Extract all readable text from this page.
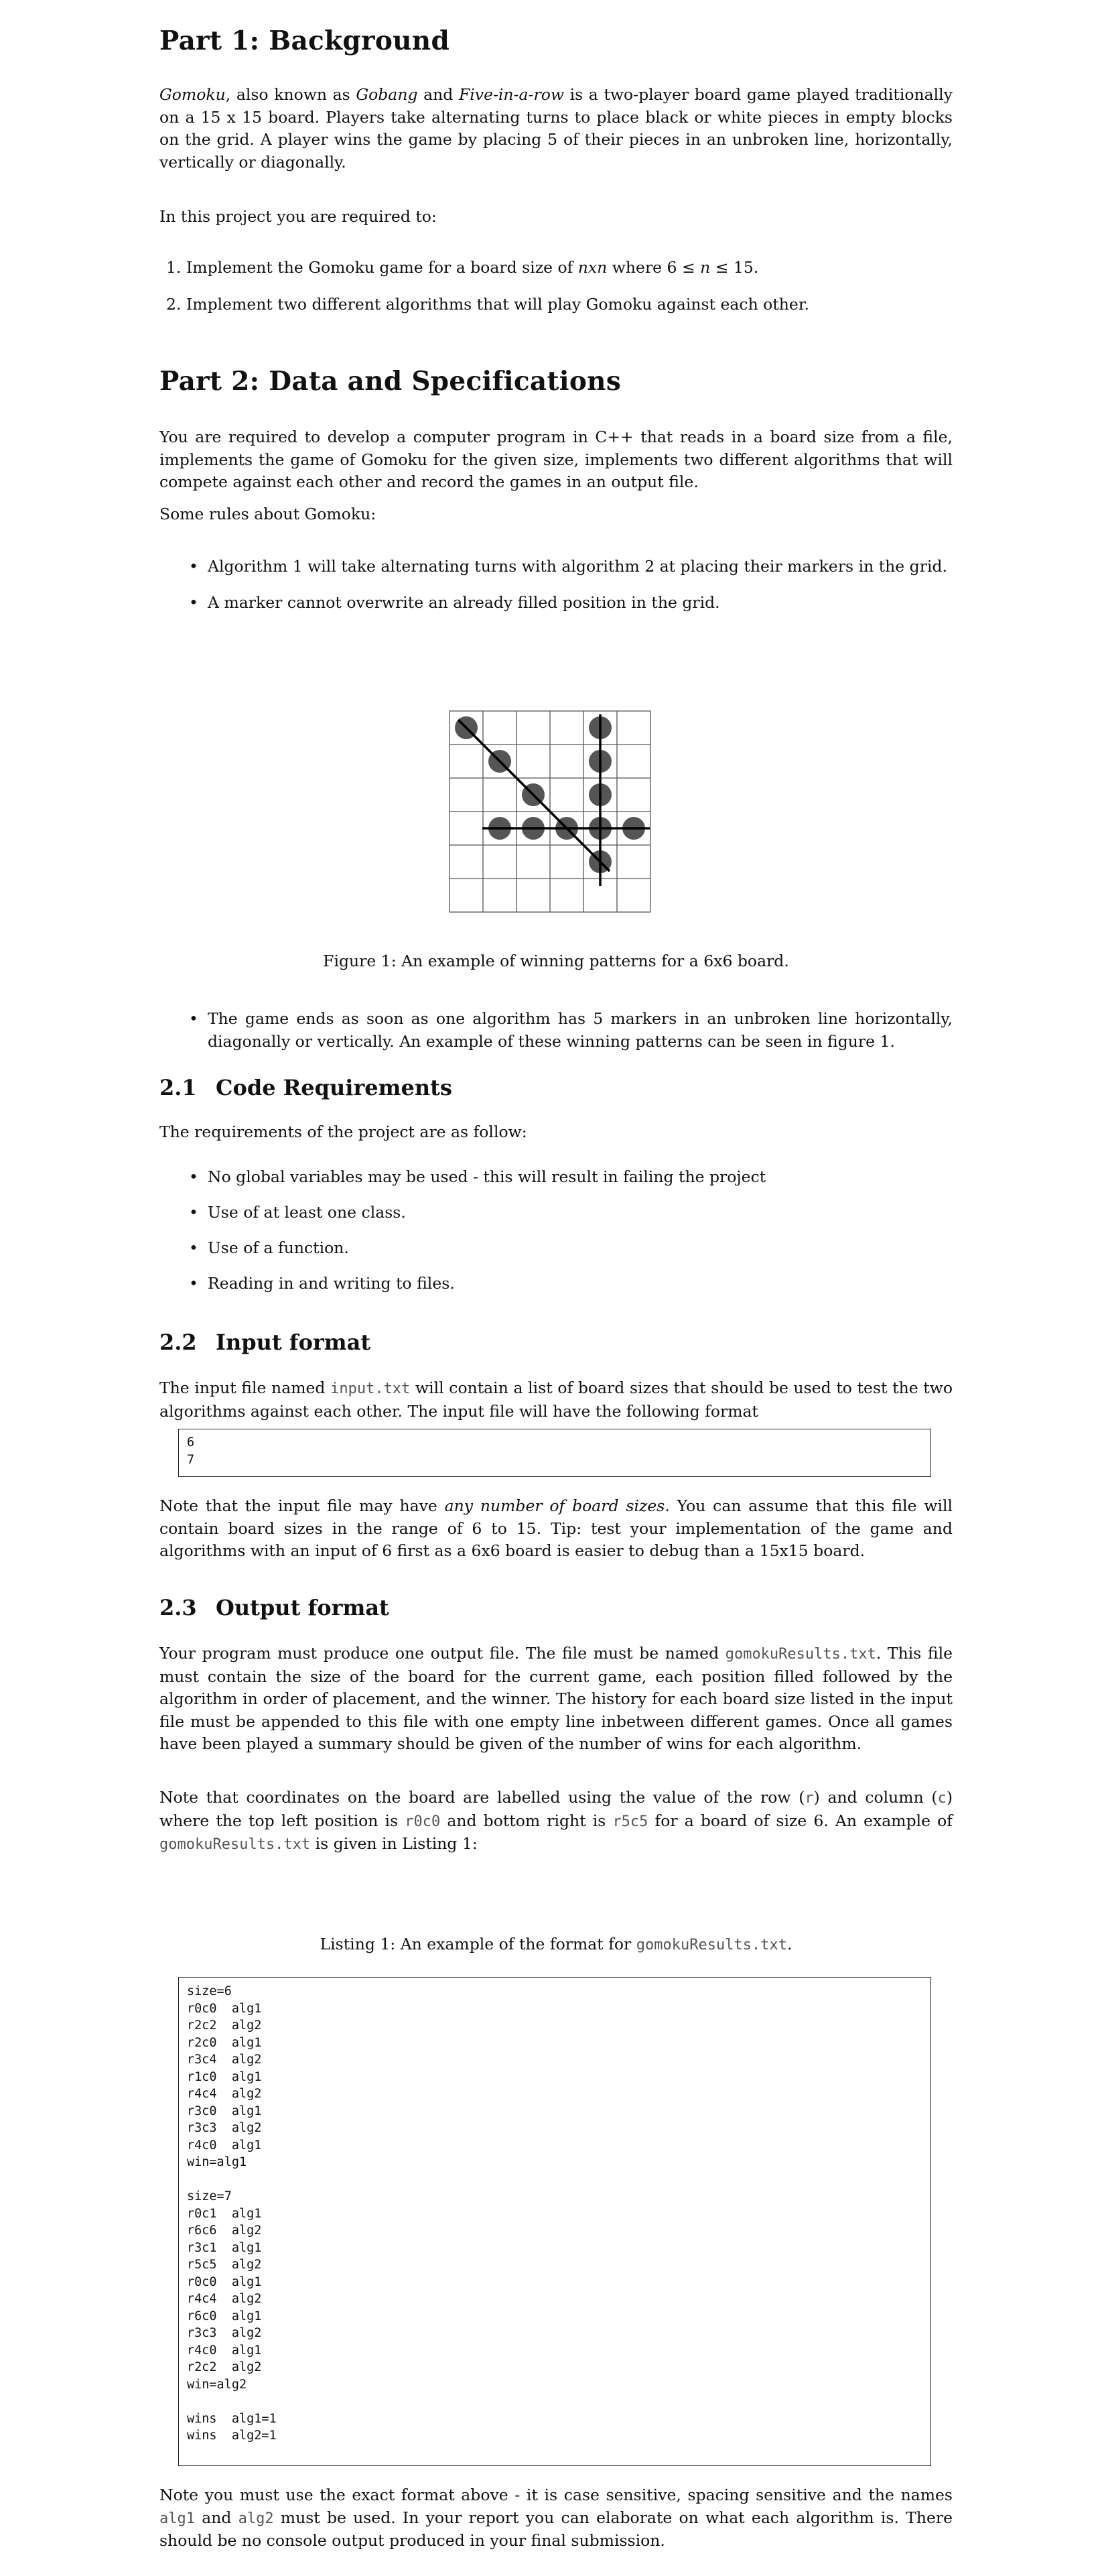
Part 1: Background
Gomoku, also known as Gobang and Five-in-a-row is a two-player board game played traditionally on a 15 x 15 board. Players take alternating turns to place black or white pieces in empty blocks on the grid. A player wins the game by placing 5 of their pieces in an unbroken line, horizontally, vertically or diagonally.
In this project you are required to:
1. Implement the Gomoku game for a board size of nxn where 6 ≤ n ≤ 15.
2. Implement two different algorithms that will play Gomoku against each other.
Part 2: Data and Specifications
You are required to develop a computer program in C++ that reads in a board size from a file, implements the game of Gomoku for the given size, implements two different algorithms that will compete against each other and record the games in an output file.
Some rules about Gomoku:
• Algorithm 1 will take alternating turns with algorithm 2 at placing their markers in the grid.
• A marker cannot overwrite an already filled position in the grid.
Figure 1: An example of winning patterns for a 6x6 board.
• The game ends as soon as one algorithm has 5 markers in an unbroken line horizontally, diagonally or vertically. An example of these winning patterns can be seen in figure 1.
2.1 Code Requirements
The requirements of the project are as follow:
• No global variables may be used - this will result in failing the project
• Use of at least one class.
• Use of a function.
• Reading in and writing to files.
2.2 Input format
The input file named input.txt will contain a list of board sizes that should be used to test the two algorithms against each other. The input file will have the following format
6
7
Note that the input file may have any number of board sizes. You can assume that this file will contain board sizes in the range of 6 to 15. Tip: test your implementation of the game and algorithms with an input of 6 first as a 6x6 board is easier to debug than a 15x15 board.
2.3 Output format
Your program must produce one output file. The file must be named gomokuResults.txt. This file must contain the size of the board for the current game, each position filled followed by the algorithm in order of placement, and the winner. The history for each board size listed in the input file must be appended to this file with one empty line inbetween different games. Once all games have been played a summary should be given of the number of wins for each algorithm.
Note that coordinates on the board are labelled using the value of the row (r) and column (c) where the top left position is r0c0 and bottom right is r5c5 for a board of size 6. An example of gomokuResults.txt is given in Listing 1:
Listing 1: An example of the format for gomokuResults.txt.
size=6
r0c0  alg1
r2c2  alg2
r2c0  alg1
r3c4  alg2
r1c0  alg1
r4c4  alg2
r3c0  alg1
r3c3  alg2
r4c0  alg1
win=alg1
size=7
r0c1  alg1
r6c6  alg2
r3c1  alg1
r5c5  alg2
r0c0  alg1
r4c4  alg2
r6c0  alg1
r3c3  alg2
r4c0  alg1
r2c2  alg2
win=alg2
wins  alg1=1
wins  alg2=1
Note you must use the exact format above - it is case sensitive, spacing sensitive and the names alg1 and alg2 must be used. In your report you can elaborate on what each algorithm is. There should be no console output produced in your final submission.
